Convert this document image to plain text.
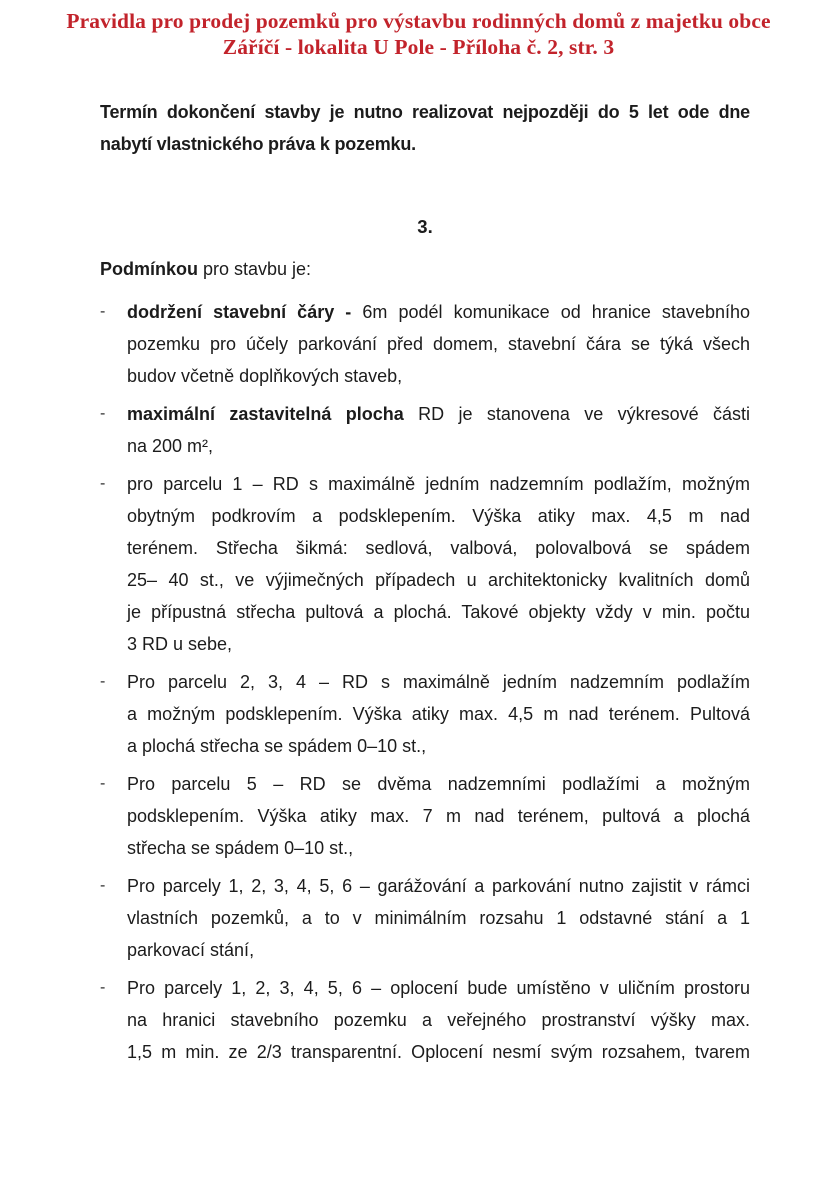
Pravidla pro prodej pozemků pro výstavbu rodinných domů z majetku obce
Záříčí - lokalita U Pole - Příloha č. 2, str. 3
Termín dokončení stavby je nutno realizovat nejpozději do 5 let ode dne
nabytí vlastnického práva k pozemku.
3.
Podmínkou pro stavbu je:
-	dodržení stavební čáry - 6m podél komunikace od hranice stavebního
pozemku pro účely parkování před domem, stavební čára se týká všech
budov včetně doplňkových staveb,
-	maximální zastavitelná plocha RD je stanovena ve výkresové části
na 200 m²,
-	pro parcelu 1 – RD s maximálně jedním nadzemním podlažím, možným
obytným podkrovím a podsklepením. Výška atiky max. 4,5 m nad
terénem. Střecha šikmá: sedlová, valbová, polovalbová se spádem
25– 40 st., ve výjimečných případech u architektonicky kvalitních domů
je přípustná střecha pultová a plochá. Takové objekty vždy v min. počtu
3 RD u sebe,
-	Pro parcelu 2, 3, 4 – RD s maximálně jedním nadzemním podlažím
a možným podsklepením. Výška atiky max. 4,5 m nad terénem. Pultová
a plochá střecha se spádem 0–10 st.,
-	Pro parcelu 5 – RD se dvěma nadzemními podlažími a možným
podsklepením. Výška atiky max. 7 m nad terénem, pultová a plochá
střecha se spádem 0–10 st.,
-	Pro parcely 1, 2, 3, 4, 5, 6 – garážování a parkování nutno zajistit v rámci
vlastních pozemků, a to v minimálním rozsahu 1 odstavné stání a 1
parkovací stání,
-	Pro parcely 1, 2, 3, 4, 5, 6 – oplocení bude umístěno v uličním prostoru
na hranici stavebního pozemku a veřejného prostranství výšky max.
1,5 m min. ze 2/3 transparentní. Oplocení nesmí svým rozsahem, tvarem
